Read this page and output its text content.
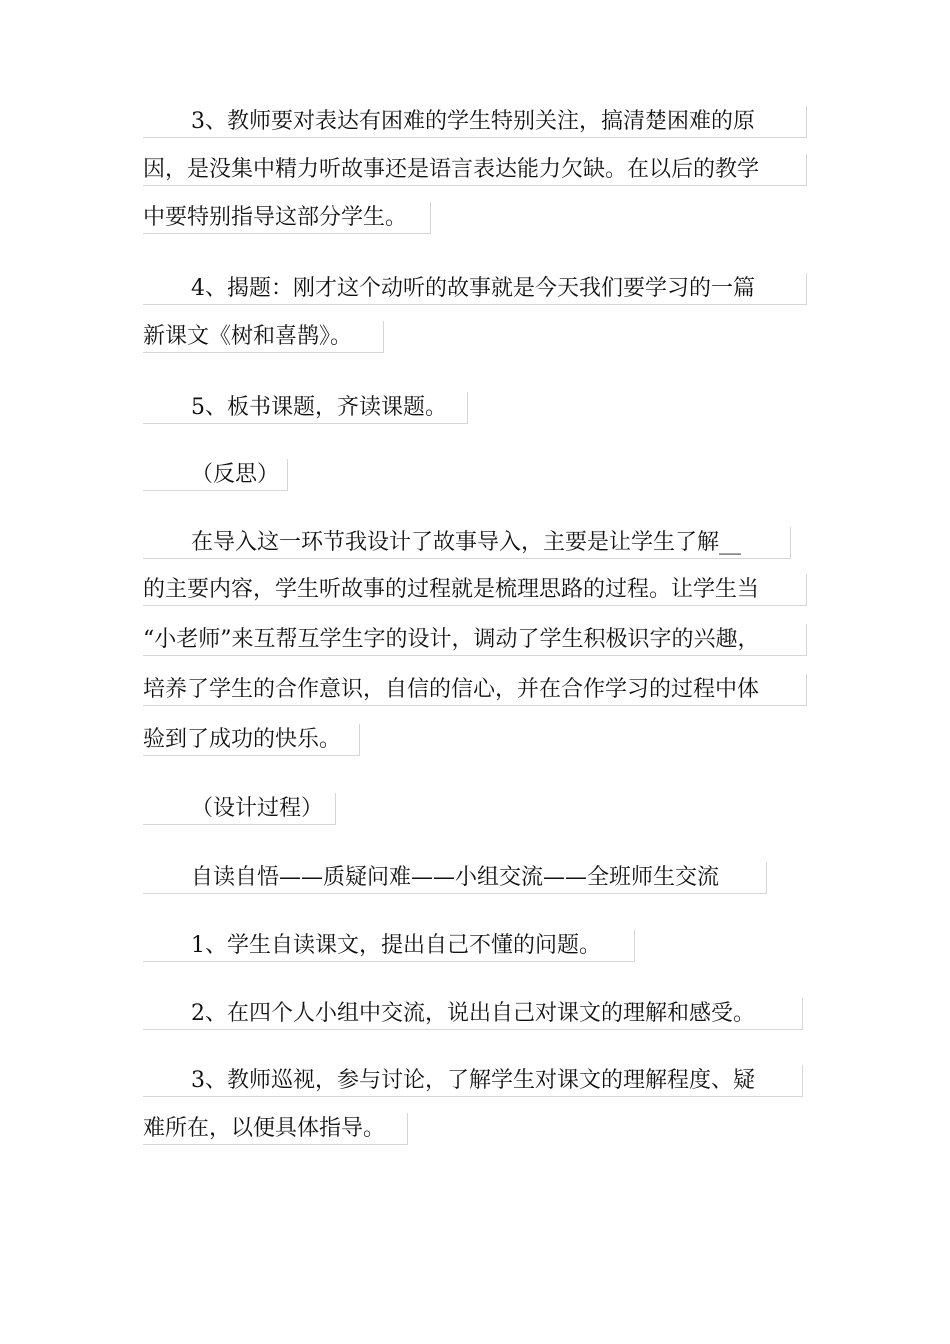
3、教师要对表达有困难的学生特别关注，搞清楚困难的原
因，是没集中精力听故事还是语言表达能力欠缺。在以后的教学
中要特别指导这部分学生。
4、揭题：刚才这个动听的故事就是今天我们要学习的一篇
新课文《树和喜鹊》。
5、板书课题，齐读课题。
（反思）
在导入这一环节我设计了故事导入，主要是让学生了解__
的主要内容，学生听故事的过程就是梳理思路的过程。让学生当
“小老师”来互帮互学生字的设计，调动了学生积极识字的兴趣，
培养了学生的合作意识，自信的信心，并在合作学习的过程中体
验到了成功的快乐。
（设计过程）
自读自悟——质疑问难——小组交流——全班师生交流
1、学生自读课文，提出自己不懂的问题。
2、在四个人小组中交流，说出自己对课文的理解和感受。
3、教师巡视，参与讨论，了解学生对课文的理解程度、疑
难所在，以便具体指导。
